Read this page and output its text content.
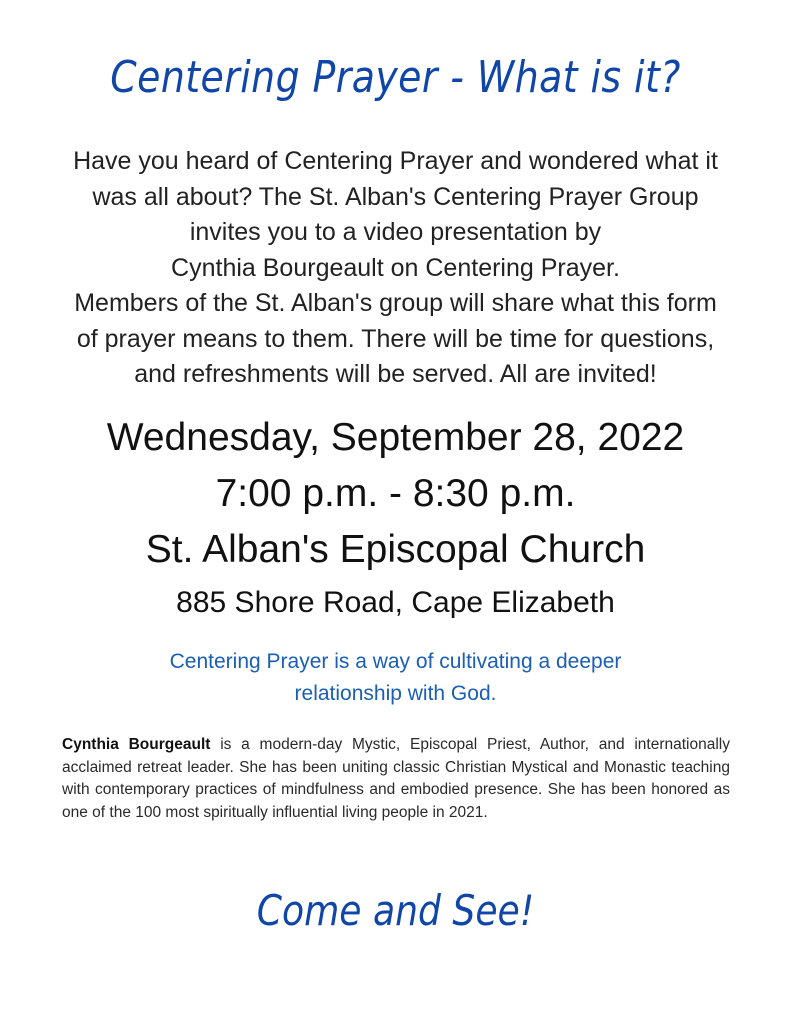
Centering Prayer - What is it?
Have you heard of Centering Prayer and wondered what it
was all about? The St. Alban's Centering Prayer Group
invites you to a video presentation by
Cynthia Bourgeault on Centering Prayer.
Members of the St. Alban's group will share what this form
of prayer means to them. There will be time for questions,
and refreshments will be served. All are invited!
Wednesday, September 28, 2022
7:00 p.m. - 8:30 p.m.
St. Alban's Episcopal Church
885 Shore Road, Cape Elizabeth
Centering Prayer is a way of cultivating a deeper
relationship with God.
Cynthia Bourgeault is a modern-day Mystic, Episcopal Priest, Author, and internationally acclaimed retreat leader. She has been uniting classic Christian Mystical and Monastic teaching with contemporary practices of mindfulness and embodied presence. She has been honored as one of the 100 most spiritually influential living people in 2021.
Come and See!
